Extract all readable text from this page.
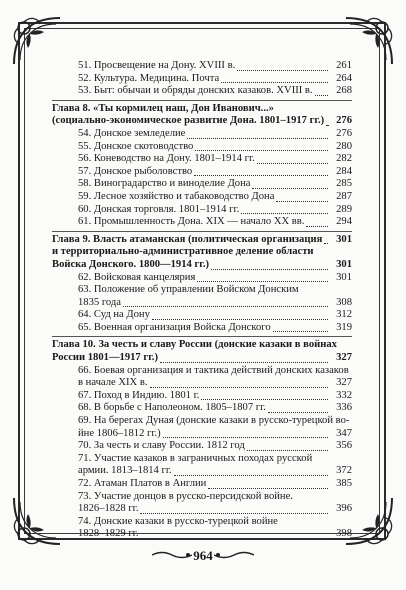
51. Просвещение на Дону. XVIII в.	261
52. Культура. Медицина. Почта	264
53. Быт: обычаи и обряды донских казаков. XVIII в.	268
Глава 8. «Ты кормилец наш, Дон Иванович...»
(социально-экономическое развитие Дона. 1801–1917 гг.)	276
54. Донское земледелие	276
55. Донское скотоводство	280
56. Коневодство на Дону. 1801–1914 гг.	282
57. Донское рыболовство	284
58. Виноградарство и виноделие Дона	285
59. Лесное хозяйство и табаководство Дона	287
60. Донская торговля. 1801–1914 гг.	289
61. Промышленность Дона. XIX — начало XX вв.	294
Глава 9. Власть атаманская (политическая организация	301
и территориально-административное деление области
Войска Донского. 1800—1914 гг.)	301
62. Войсковая канцелярия	301
63. Положение об управлении Войском Донским
1835 года	308
64. Суд на Дону	312
65. Военная организация Войска Донского	319
Глава 10. За честь и славу России (донские казаки в войнах
России 1801—1917 гг.)	327
66. Боевая организация и тактика действий донских казаков
в начале XIX в.	327
67. Поход в Индию. 1801 г.	332
68. В борьбе с Наполеоном. 1805–1807 гг.	336
69. На берегах Дуная (донские казаки в русско-турецкой во-
йне 1806–1812 гг.)	347
70. За честь и славу России. 1812 год	356
71. Участие казаков в заграничных походах русской
армии. 1813–1814 гг.	372
72. Атаман Платов в Англии	385
73. Участие донцов в русско-персидской войне.
1826–1828 гг.	396
74. Донские казаки в русско-турецкой войне
1828–1829 гг.	398
964
